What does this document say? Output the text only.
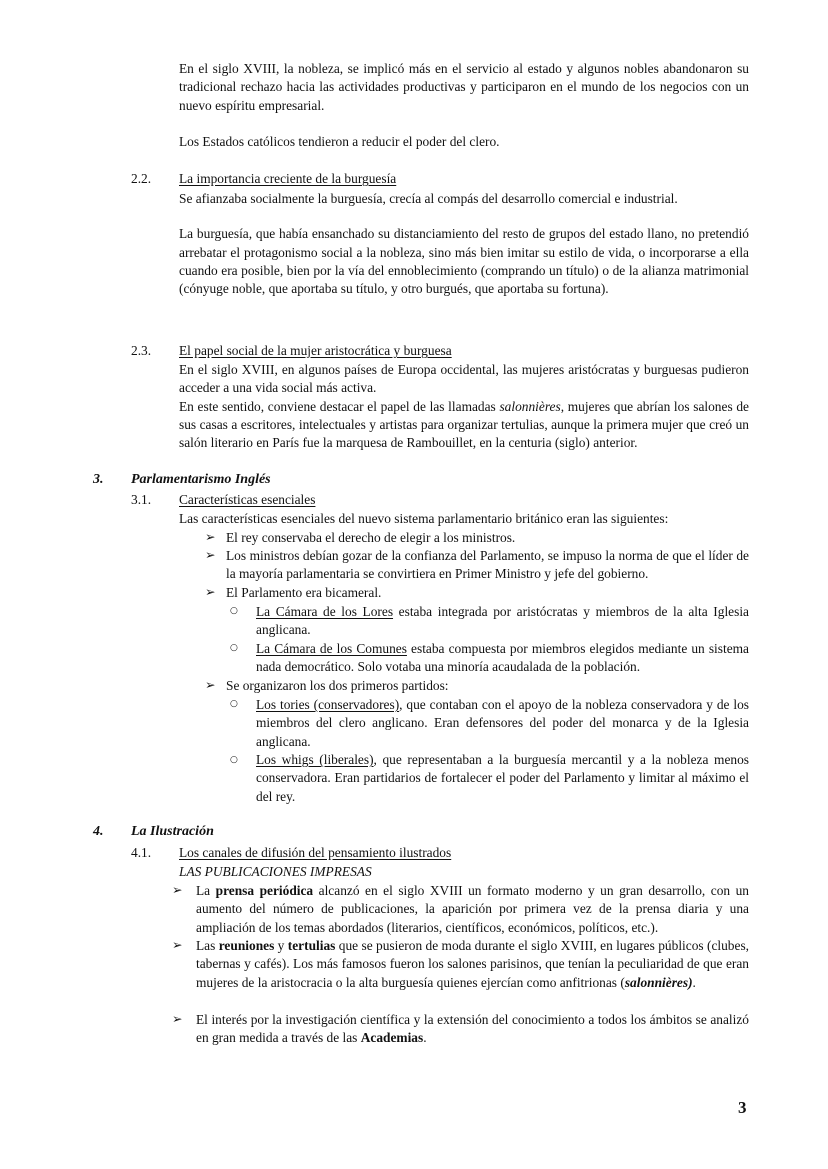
En el siglo XVIII, la nobleza, se implicó más en el servicio al estado y algunos nobles abandonaron su tradicional rechazo hacia las actividades productivas y participaron en el mundo de los negocios con un nuevo espíritu empresarial.

Los Estados católicos tendieron a reducir el poder del clero.

2.2. La importancia creciente de la burguesía

Se afianzaba socialmente la burguesía, crecía al compás del desarrollo comercial e industrial.

La burguesía, que había ensanchado su distanciamiento del resto de grupos del estado llano, no pretendió arrebatar el protagonismo social a la nobleza, sino más bien imitar su estilo de vida, o incorporarse a ella cuando era posible, bien por la vía del ennoblecimiento (comprando un título) o de la alianza matrimonial (cónyuge noble, que aportaba su título, y otro burgués, que aportaba su fortuna).

2.3. El papel social de la mujer aristocrática y burguesa

En el siglo XVIII, en algunos países de Europa occidental, las mujeres aristócratas y burguesas pudieron acceder a una vida social más activa.

En este sentido, conviene destacar el papel de las llamadas salonnières, mujeres que abrían los salones de sus casas a escritores, intelectuales y artistas para organizar tertulias, aunque la primera mujer que creó un salón literario en París fue la marquesa de Rambouillet, en la centuria (siglo) anterior.

3. Parlamentarismo Inglés
3.1. Características esenciales

Las características esenciales del nuevo sistema parlamentario británico eran las siguientes:

➢ El rey conservaba el derecho de elegir a los ministros.

➢ Los ministros debían gozar de la confianza del Parlamento, se impuso la norma de que el líder de la mayoría parlamentaria se convirtiera en Primer Ministro y jefe del gobierno.

➢ El Parlamento era bicameral.

○ La Cámara de los Lores estaba integrada por aristócratas y miembros de la alta Iglesia anglicana.

○ La Cámara de los Comunes estaba compuesta por miembros elegidos mediante un sistema nada democrático. Solo votaba una minoría acaudalada de la población.

➢ Se organizaron los dos primeros partidos:

○ Los tories (conservadores), que contaban con el apoyo de la nobleza conservadora y de los miembros del clero anglicano. Eran defensores del poder del monarca y de la Iglesia anglicana.

○ Los whigs (liberales), que representaban a la burguesía mercantil y a la nobleza menos conservadora. Eran partidarios de fortalecer el poder del Parlamento y limitar al máximo el del rey.

4. La Ilustración
4.1. Los canales de difusión del pensamiento ilustrados

LAS PUBLICACIONES IMPRESAS

➢ La prensa periódica alcanzó en el siglo XVIII un formato moderno y un gran desarrollo, con un aumento del número de publicaciones, la aparición por primera vez de la prensa diaria y una ampliación de los temas abordados (literarios, científicos, económicos, políticos, etc.).

➢ Las reuniones y tertulias que se pusieron de moda durante el siglo XVIII, en lugares públicos (clubes, tabernas y cafés). Los más famosos fueron los salones parisinos, que tenían la peculiaridad de que eran mujeres de la aristocracia o la alta burguesía quienes ejercían como anfitrionas (salonnières).

➢ El interés por la investigación científica y la extensión del conocimiento a todos los ámbitos se analizó en gran medida a través de las Academias.

3
